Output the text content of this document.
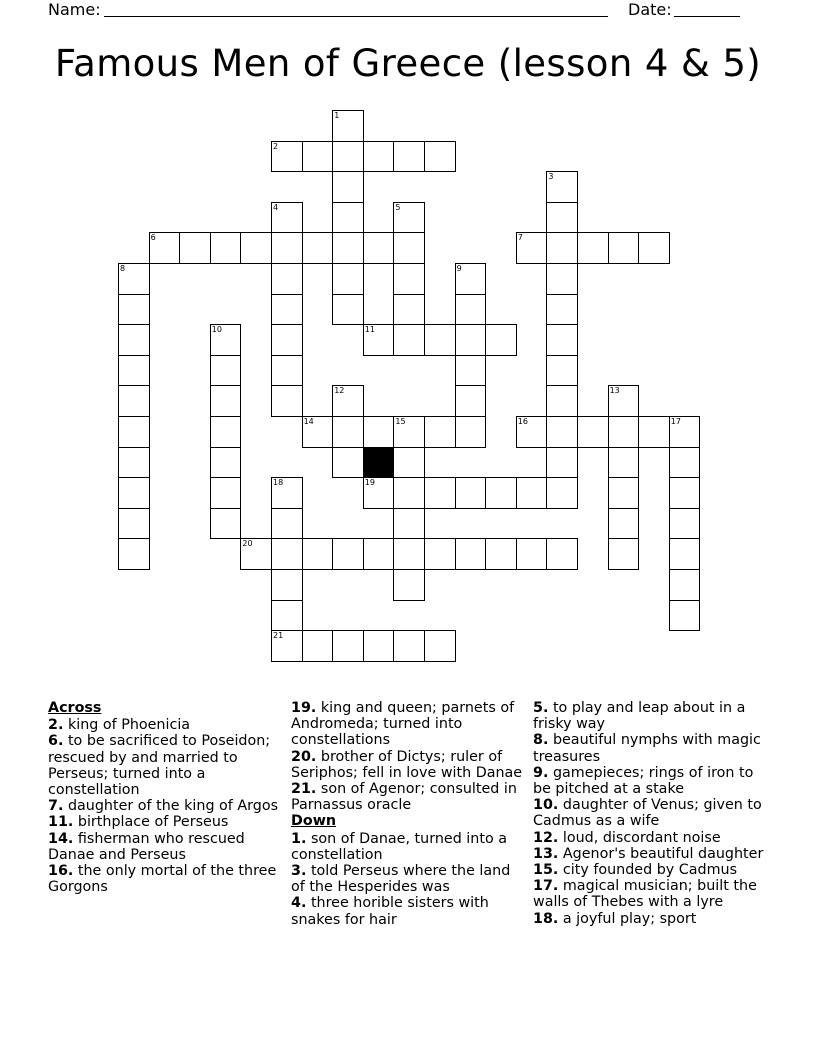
Name:	Date:
Famous Men of Greece (lesson 4 & 5)
1
2
3
4	5
6	7
8	9
10	11
12	13
14	15	16	17
18
21
19
20
Across
2. king of Phoenicia
6. to be sacrificed to Poseidon; rescued by and married to Perseus; turned into a constellation
7. daughter of the king of Argos
11. birthplace of Perseus
14. fisherman who rescued Danae and Perseus
16. the only mortal of the three Gorgons
19. king and queen; parnets of Andromeda; turned into constellations
20. brother of Dictys; ruler of Seriphos; fell in love with Danae
21. son of Agenor; consulted in Parnassus oracle
Down
1. son of Danae, turned into a constellation
3. told Perseus where the land of the Hesperides was
4. three horible sisters with snakes for hair
5. to play and leap about in a frisky way
8. beautiful nymphs with magic treasures
9. gamepieces; rings of iron to be pitched at a stake
10. daughter of Venus; given to Cadmus as a wife
12. loud, discordant noise
13. Agenor's beautiful daughter
15. city founded by Cadmus
17. magical musician; built the walls of Thebes with a lyre
18. a joyful play; sport
